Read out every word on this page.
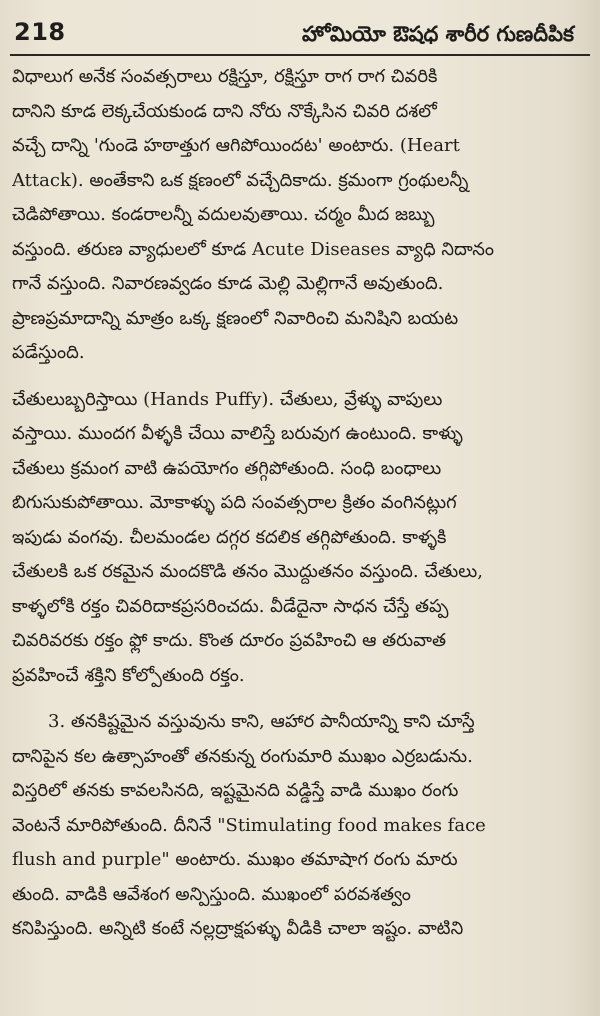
218	హోమియో ఔషధ శారీర గుణదీపిక
విధాలుగ అనేక సంవత్సరాలు రక్షిస్తూ, రక్షిస్తూ రాగ రాగ చివరికి
దానిని కూడ లెక్కచేయకుండ దాని నోరు నొక్కేసిన చివరి దశలో
వచ్చే దాన్ని 'గుండె హఠాత్తుగ ఆగిపోయిందట' అంటారు. (Heart
Attack). అంతేకాని ఒక క్షణంలో వచ్చేదికాదు. క్రమంగా గ్రంథులన్నీ
చెడిపోతాయి. కండరాలన్నీ వదులవుతాయి. చర్మం మీద జబ్బు
వస్తుంది. తరుణ వ్యాధులలో కూడ Acute Diseases వ్యాధి నిదానం
గానే వస్తుంది. నివారణవ్వడం కూడ మెల్లి మెల్లిగానే అవుతుంది.
ప్రాణప్రమాదాన్ని మాత్రం ఒక్క క్షణంలో నివారించి మనిషిని బయట
పడేస్తుంది.
చేతులుబ్బరిస్తాయి (Hands Puffy). చేతులు, వ్రేళ్ళు వాపులు
వస్తాయి. ముందగ వీళ్ళకి చేయి వాలిస్తే బరువుగ ఉంటుంది. కాళ్ళు
చేతులు క్రమంగ వాటి ఉపయోగం తగ్గిపోతుంది. సంధి బంధాలు
బిగుసుకుపోతాయి. మోకాళ్ళు పది సంవత్సరాల క్రితం వంగినట్లుగ
ఇపుడు వంగవు. చీలమండల దగ్గర కదలిక తగ్గిపోతుంది. కాళ్ళకి
చేతులకి ఒక రకమైన మందకొడి తనం మొద్దుతనం వస్తుంది. చేతులు,
కాళ్ళలోకి రక్తం చివరిదాకప్రసరించదు. వీడేదైనా సాధన చేస్తే తప్ప
చివరివరకు రక్తం ఫ్లో కాదు. కొంత దూరం ప్రవహించి ఆ తరువాత
ప్రవహించే శక్తిని కోల్పోతుంది రక్తం.
3. తనకిష్టమైన వస్తువును కాని, ఆహార పానీయాన్ని కాని చూస్తే
దానిపైన కల ఉత్సాహంతో తనకున్న రంగుమారి ముఖం ఎర్రబడును.
విస్తరిలో తనకు కావలసినది, ఇష్టమైనది వడ్డిస్తే వాడి ముఖం రంగు
వెంటనే మారిపోతుంది. దీనినే "Stimulating food makes face
flush and purple" అంటారు. ముఖం తమాషాగ రంగు మారు
తుంది. వాడికి ఆవేశంగ అన్పిస్తుంది. ముఖంలో పరవశత్వం
కనిపిస్తుంది. అన్నిటి కంటే నల్లద్రాక్షపళ్ళు వీడికి చాలా ఇష్టం. వాటిని
